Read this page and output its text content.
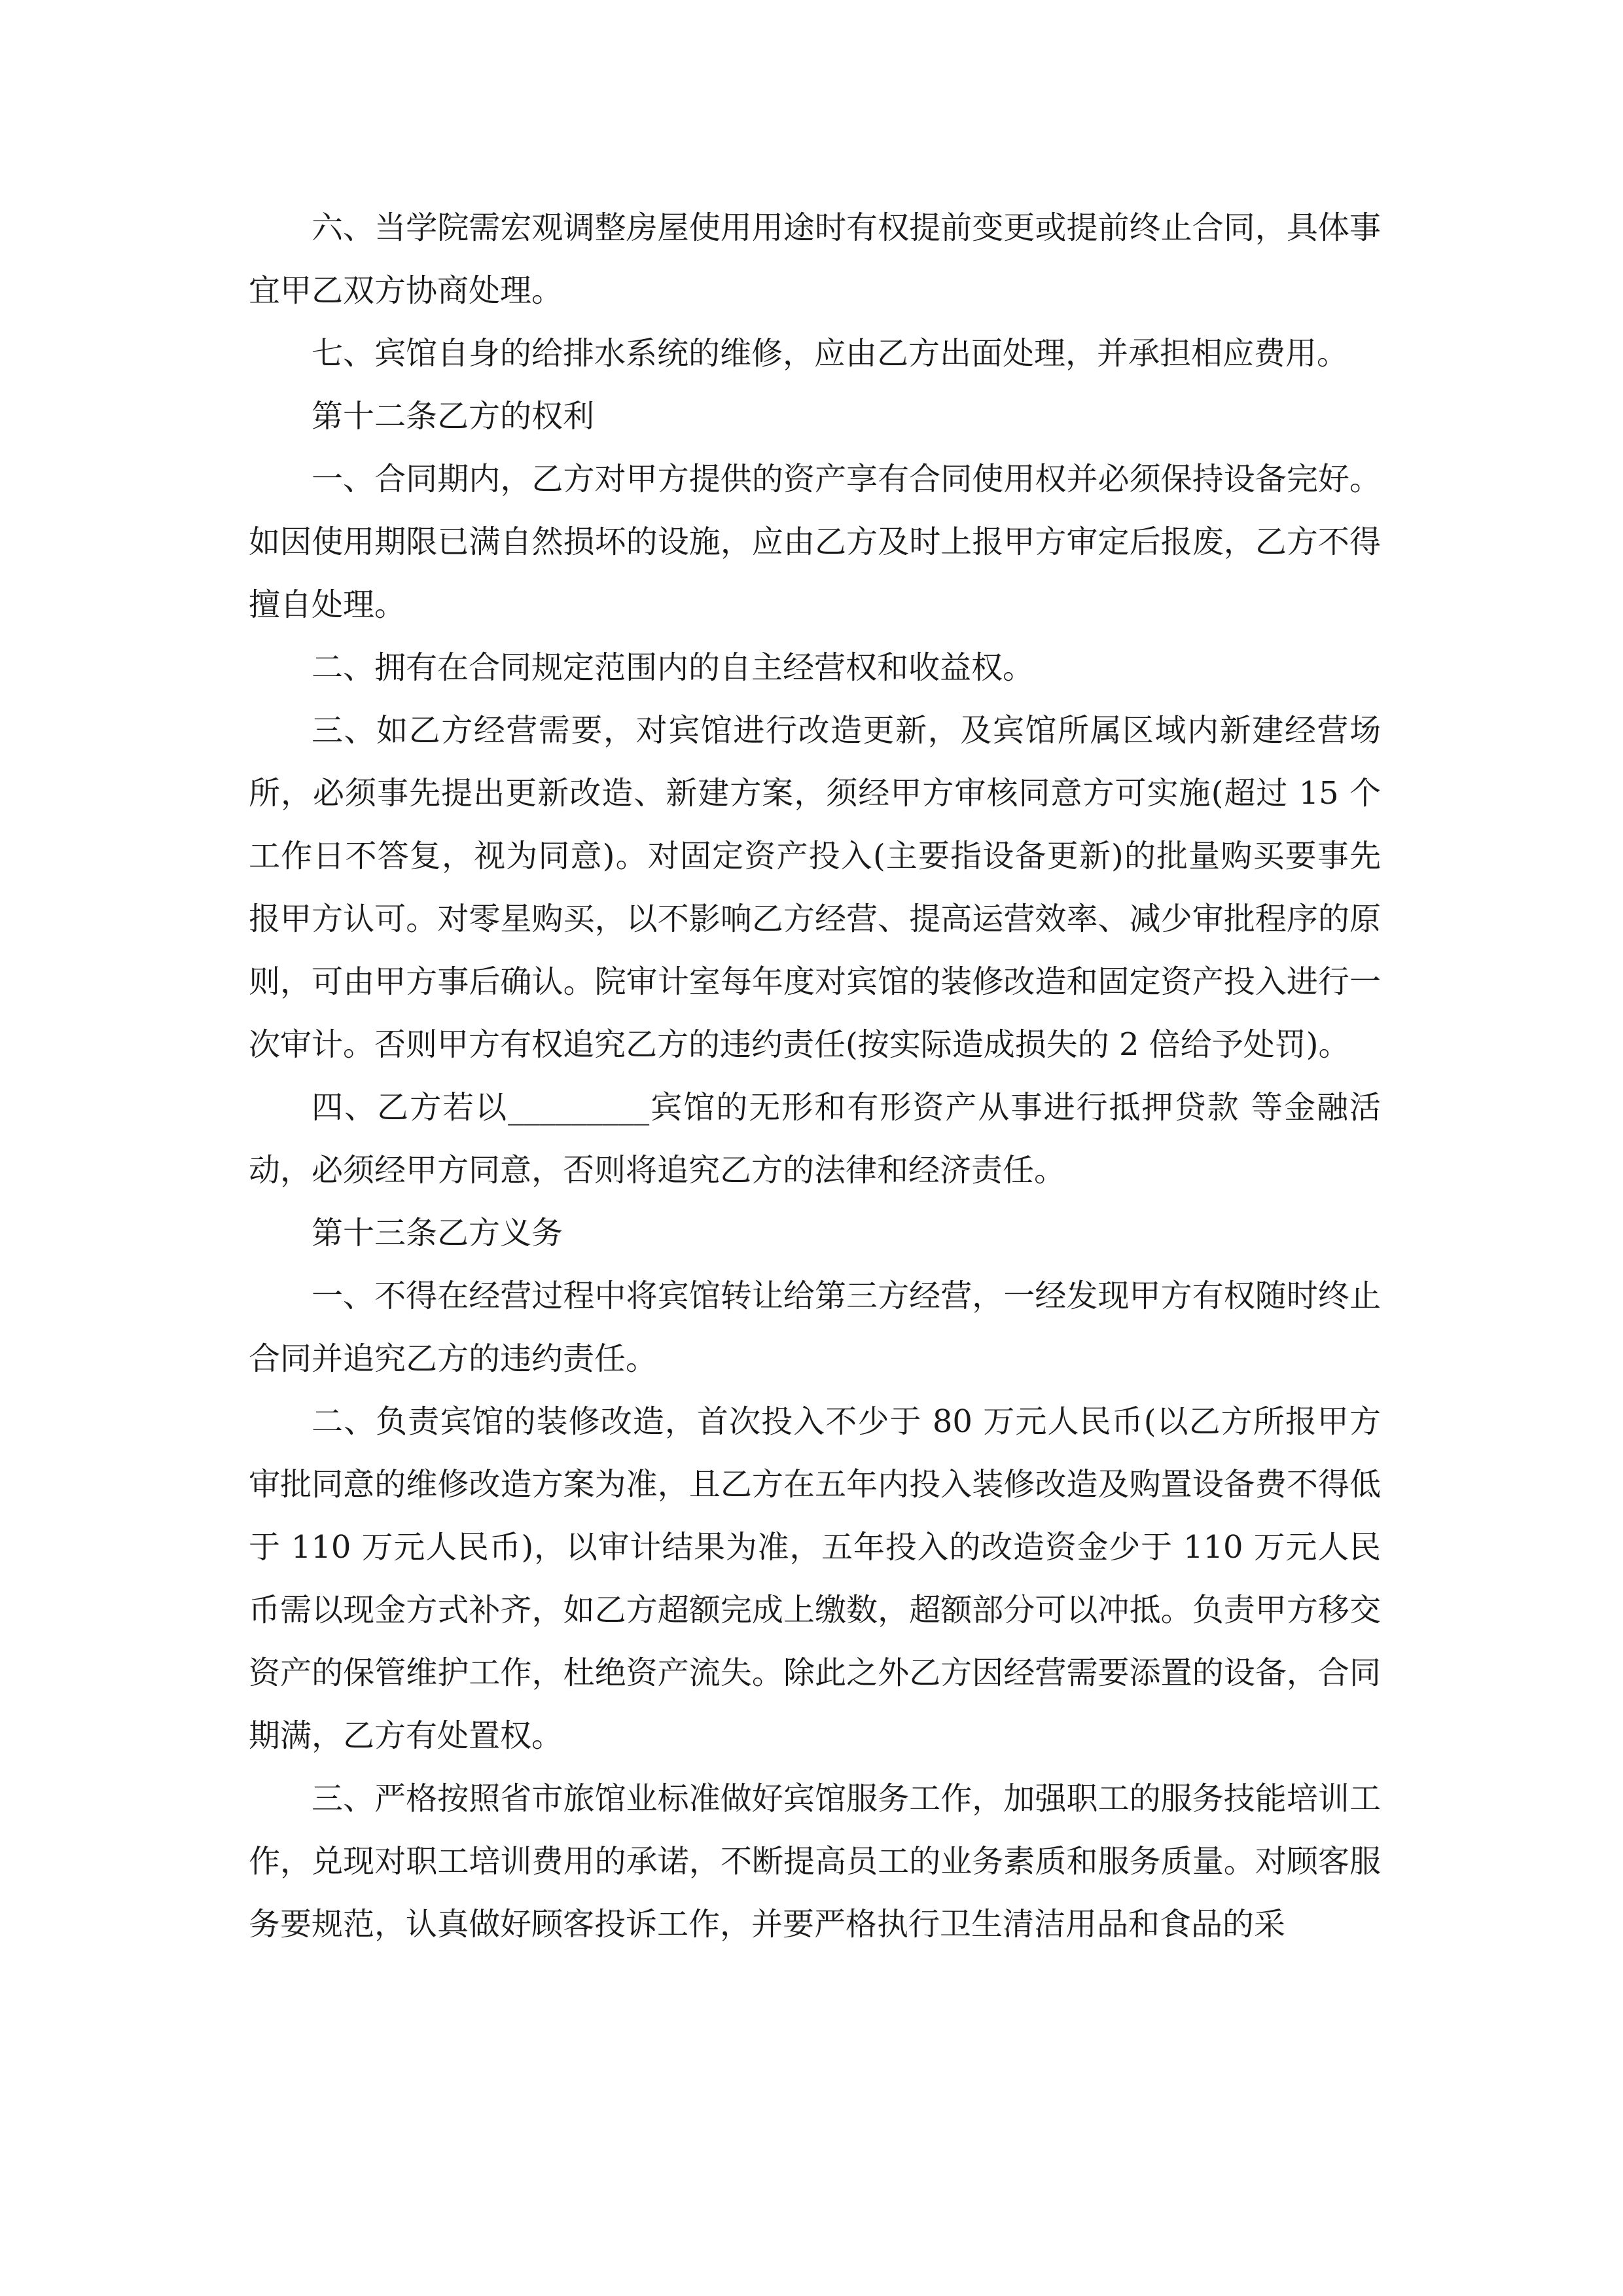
六、当学院需宏观调整房屋使用用途时有权提前变更或提前终止合同，具体事宜甲乙双方协商处理。

七、宾馆自身的给排水系统的维修，应由乙方出面处理，并承担相应费用。

第十二条乙方的权利

一、合同期内，乙方对甲方提供的资产享有合同使用权并必须保持设备完好。如因使用期限已满自然损坏的设施，应由乙方及时上报甲方审定后报废，乙方不得擅自处理。

二、拥有在合同规定范围内的自主经营权和收益权。

三、如乙方经营需要，对宾馆进行改造更新，及宾馆所属区域内新建经营场所，必须事先提出更新改造、新建方案，须经甲方审核同意方可实施(超过 15 个工作日不答复，视为同意)。对固定资产投入(主要指设备更新)的批量购买要事先报甲方认可。对零星购买，以不影响乙方经营、提高运营效率、减少审批程序的原则，可由甲方事后确认。院审计室每年度对宾馆的装修改造和固定资产投入进行一次审计。否则甲方有权追究乙方的违约责任(按实际造成损失的 2 倍给予处罚)。

四、乙方若以_________宾馆的无形和有形资产从事进行抵押贷款 等金融活动，必须经甲方同意，否则将追究乙方的法律和经济责任。

第十三条乙方义务

一、不得在经营过程中将宾馆转让给第三方经营，一经发现甲方有权随时终止合同并追究乙方的违约责任。

二、负责宾馆的装修改造，首次投入不少于 80 万元人民币(以乙方所报甲方审批同意的维修改造方案为准，且乙方在五年内投入装修改造及购置设备费不得低于 110 万元人民币)，以审计结果为准，五年投入的改造资金少于 110 万元人民币需以现金方式补齐，如乙方超额完成上缴数，超额部分可以冲抵。负责甲方移交资产的保管维护工作，杜绝资产流失。除此之外乙方因经营需要添置的设备，合同期满，乙方有处置权。

三、严格按照省市旅馆业标准做好宾馆服务工作，加强职工的服务技能培训工作，兑现对职工培训费用的承诺，不断提高员工的业务素质和服务质量。对顾客服务要规范，认真做好顾客投诉工作，并要严格执行卫生清洁用品和食品的采
